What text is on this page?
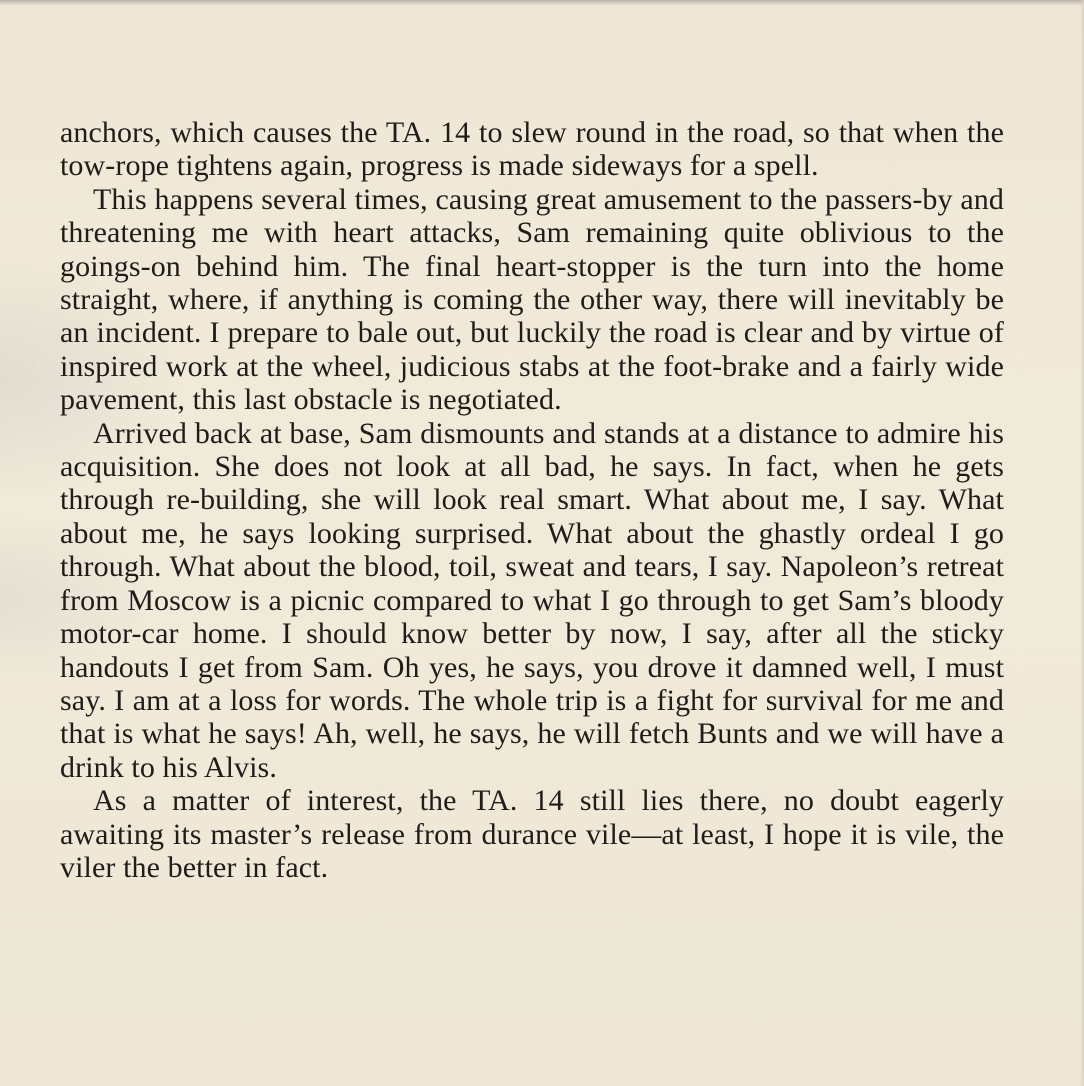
anchors, which causes the TA. 14 to slew round in the road, so that when the tow-rope tightens again, progress is made sideways for a spell.

This happens several times, causing great amusement to the passers-by and threatening me with heart attacks, Sam remaining quite oblivious to the goings-on behind him. The final heart-stopper is the turn into the home straight, where, if anything is coming the other way, there will inevitably be an incident. I prepare to bale out, but luckily the road is clear and by virtue of inspired work at the wheel, judicious stabs at the foot-brake and a fairly wide pavement, this last obstacle is negotiated.

Arrived back at base, Sam dismounts and stands at a distance to admire his acquisition. She does not look at all bad, he says. In fact, when he gets through re-building, she will look real smart. What about me, I say. What about me, he says looking surprised. What about the ghastly ordeal I go through. What about the blood, toil, sweat and tears, I say. Napoleon’s retreat from Moscow is a picnic compared to what I go through to get Sam’s bloody motor-car home. I should know better by now, I say, after all the sticky handouts I get from Sam. Oh yes, he says, you drove it damned well, I must say. I am at a loss for words. The whole trip is a fight for survival for me and that is what he says! Ah, well, he says, he will fetch Bunts and we will have a drink to his Alvis.

As a matter of interest, the TA. 14 still lies there, no doubt eagerly awaiting its master’s release from durance vile—at least, I hope it is vile, the viler the better in fact.
